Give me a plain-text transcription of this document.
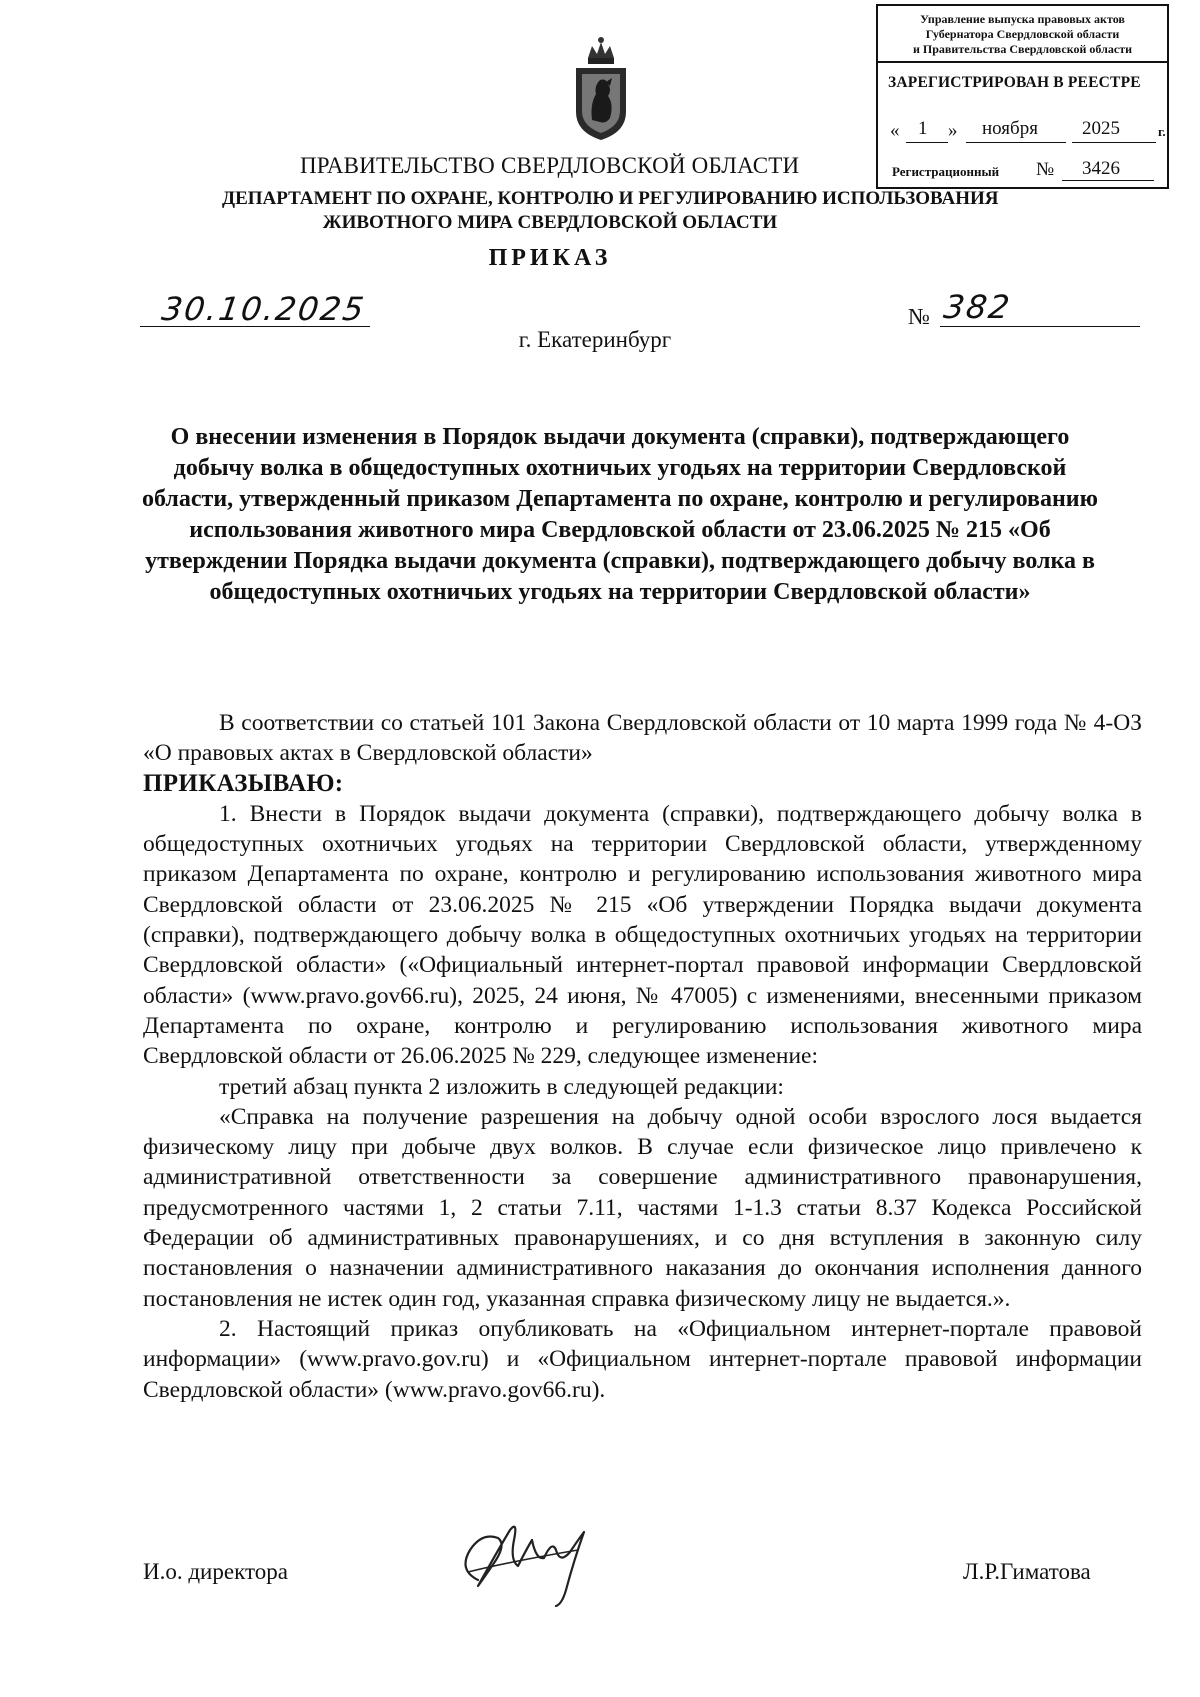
Управление выпуска правовых актов
Губернатора Свердловской области
и Правительства Свердловской области
ЗАРЕГИСТРИРОВАН В РЕЕСТРЕ
« 1 » ноября 2025	г.
Регистрационный № 3426
ПРАВИТЕЛЬСТВО СВЕРДЛОВСКОЙ ОБЛАСТИ
ДЕПАРТАМЕНТ ПО ОХРАНЕ, КОНТРОЛЮ И РЕГУЛИРОВАНИЮ ИСПОЛЬЗОВАНИЯ
ЖИВОТНОГО МИРА СВЕРДЛОВСКОЙ ОБЛАСТИ
ПРИКАЗ
30.10.2025	№ 382
г. Екатеринбург
О внесении изменения в Порядок выдачи документа (справки), подтверждающего добычу волка в общедоступных охотничьих угодьях на территории Свердловской области, утвержденный приказом Департамента по охране, контролю и регулированию использования животного мира Свердловской области от 23.06.2025 № 215 «Об утверждении Порядка выдачи документа (справки), подтверждающего добычу волка в общедоступных охотничьих угодьях на территории Свердловской области»

В соответствии со статьей 101 Закона Свердловской области от 10 марта 1999 года № 4-ОЗ «О правовых актах в Свердловской области»

ПРИКАЗЫВАЮ:

1. Внести в Порядок выдачи документа (справки), подтверждающего добычу волка в общедоступных охотничьих угодьях на территории Свердловской области, утвержденному приказом Департамента по охране, контролю и регулированию использования животного мира Свердловской области от 23.06.2025 № 215 «Об утверждении Порядка выдачи документа (справки), подтверждающего добычу волка в общедоступных охотничьих угодьях на территории Свердловской области» («Официальный интернет-портал правовой информации Свердловской области» (www.pravo.gov66.ru), 2025, 24 июня, № 47005) с изменениями, внесенными приказом Департамента по охране, контролю и регулированию использования животного мира Свердловской области от 26.06.2025 № 229, следующее изменение:

третий абзац пункта 2 изложить в следующей редакции:

«Справка на получение разрешения на добычу одной особи взрослого лося выдается физическому лицу при добыче двух волков. В случае если физическое лицо привлечено к административной ответственности за совершение административного правонарушения, предусмотренного частями 1, 2 статьи 7.11, частями 1-1.3 статьи 8.37 Кодекса Российской Федерации об административных правонарушениях, и со дня вступления в законную силу постановления о назначении административного наказания до окончания исполнения данного постановления не истек один год, указанная справка физическому лицу не выдается.».

2. Настоящий приказ опубликовать на «Официальном интернет-портале правовой информации» (www.pravo.gov.ru) и «Официальном интернет-портале правовой информации Свердловской области» (www.pravo.gov66.ru).

И.о. директора	Л.Р.Гиматова
